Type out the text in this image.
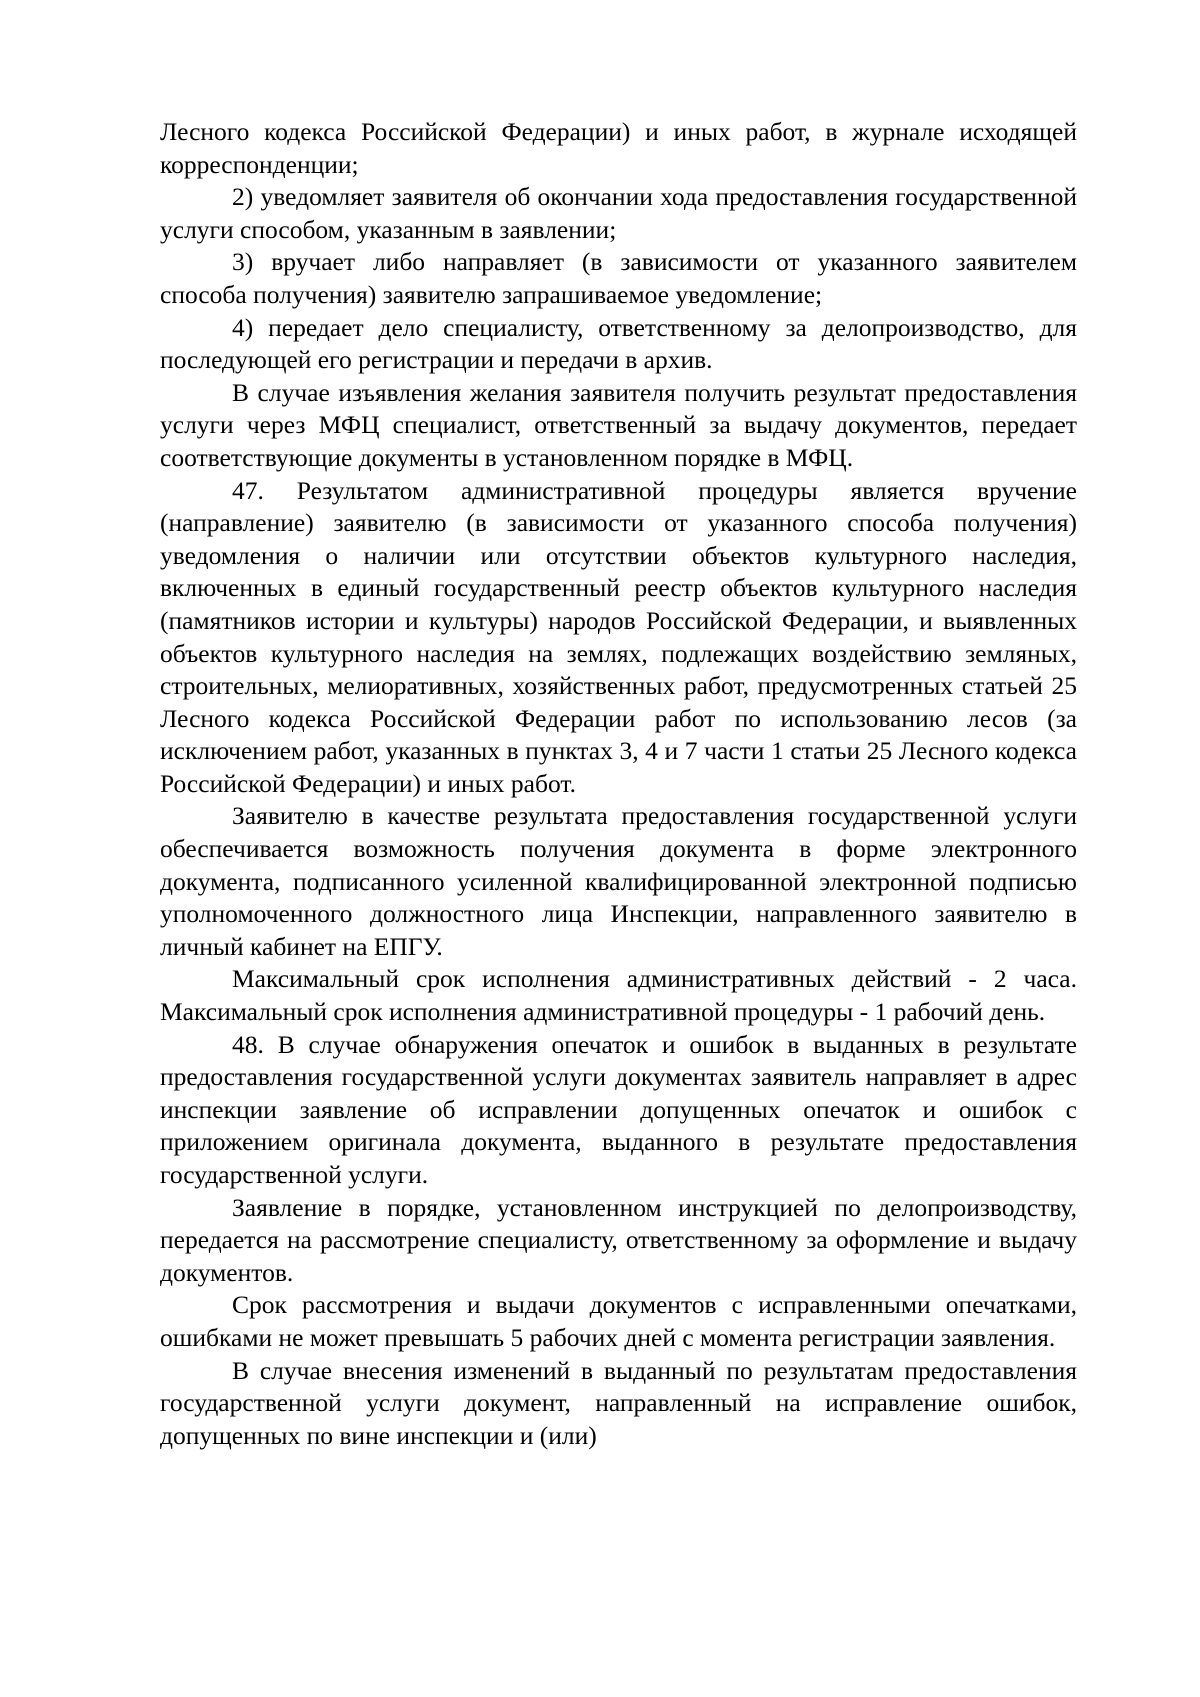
Лесного кодекса Российской Федерации) и иных работ, в журнале исходящей корреспонденции;

2) уведомляет заявителя об окончании хода предоставления государственной услуги способом, указанным в заявлении;

3) вручает либо направляет (в зависимости от указанного заявителем способа получения) заявителю запрашиваемое уведомление;

4) передает дело специалисту, ответственному за делопроизводство, для последующей его регистрации и передачи в архив.

В случае изъявления желания заявителя получить результат предоставления услуги через МФЦ специалист, ответственный за выдачу документов, передает соответствующие документы в установленном порядке в МФЦ.

47. Результатом административной процедуры является вручение (направление) заявителю (в зависимости от указанного способа получения) уведомления о наличии или отсутствии объектов культурного наследия, включенных в единый государственный реестр объектов культурного наследия (памятников истории и культуры) народов Российской Федерации, и выявленных объектов культурного наследия на землях, подлежащих воздействию земляных, строительных, мелиоративных, хозяйственных работ, предусмотренных статьей 25 Лесного кодекса Российской Федерации работ по использованию лесов (за исключением работ, указанных в пунктах 3, 4 и 7 части 1 статьи 25 Лесного кодекса Российской Федерации) и иных работ.

Заявителю в качестве результата предоставления государственной услуги обеспечивается возможность получения документа в форме электронного документа, подписанного усиленной квалифицированной электронной подписью уполномоченного должностного лица Инспекции, направленного заявителю в личный кабинет на ЕПГУ.

Максимальный срок исполнения административных действий - 2 часа. Максимальный срок исполнения административной процедуры - 1 рабочий день.

48. В случае обнаружения опечаток и ошибок в выданных в результате предоставления государственной услуги документах заявитель направляет в адрес инспекции заявление об исправлении допущенных опечаток и ошибок с приложением оригинала документа, выданного в результате предоставления государственной услуги.

Заявление в порядке, установленном инструкцией по делопроизводству, передается на рассмотрение специалисту, ответственному за оформление и выдачу документов.

Срок рассмотрения и выдачи документов с исправленными опечатками, ошибками не может превышать 5 рабочих дней с момента регистрации заявления.

В случае внесения изменений в выданный по результатам предоставления государственной услуги документ, направленный на исправление ошибок, допущенных по вине инспекции и (или)
